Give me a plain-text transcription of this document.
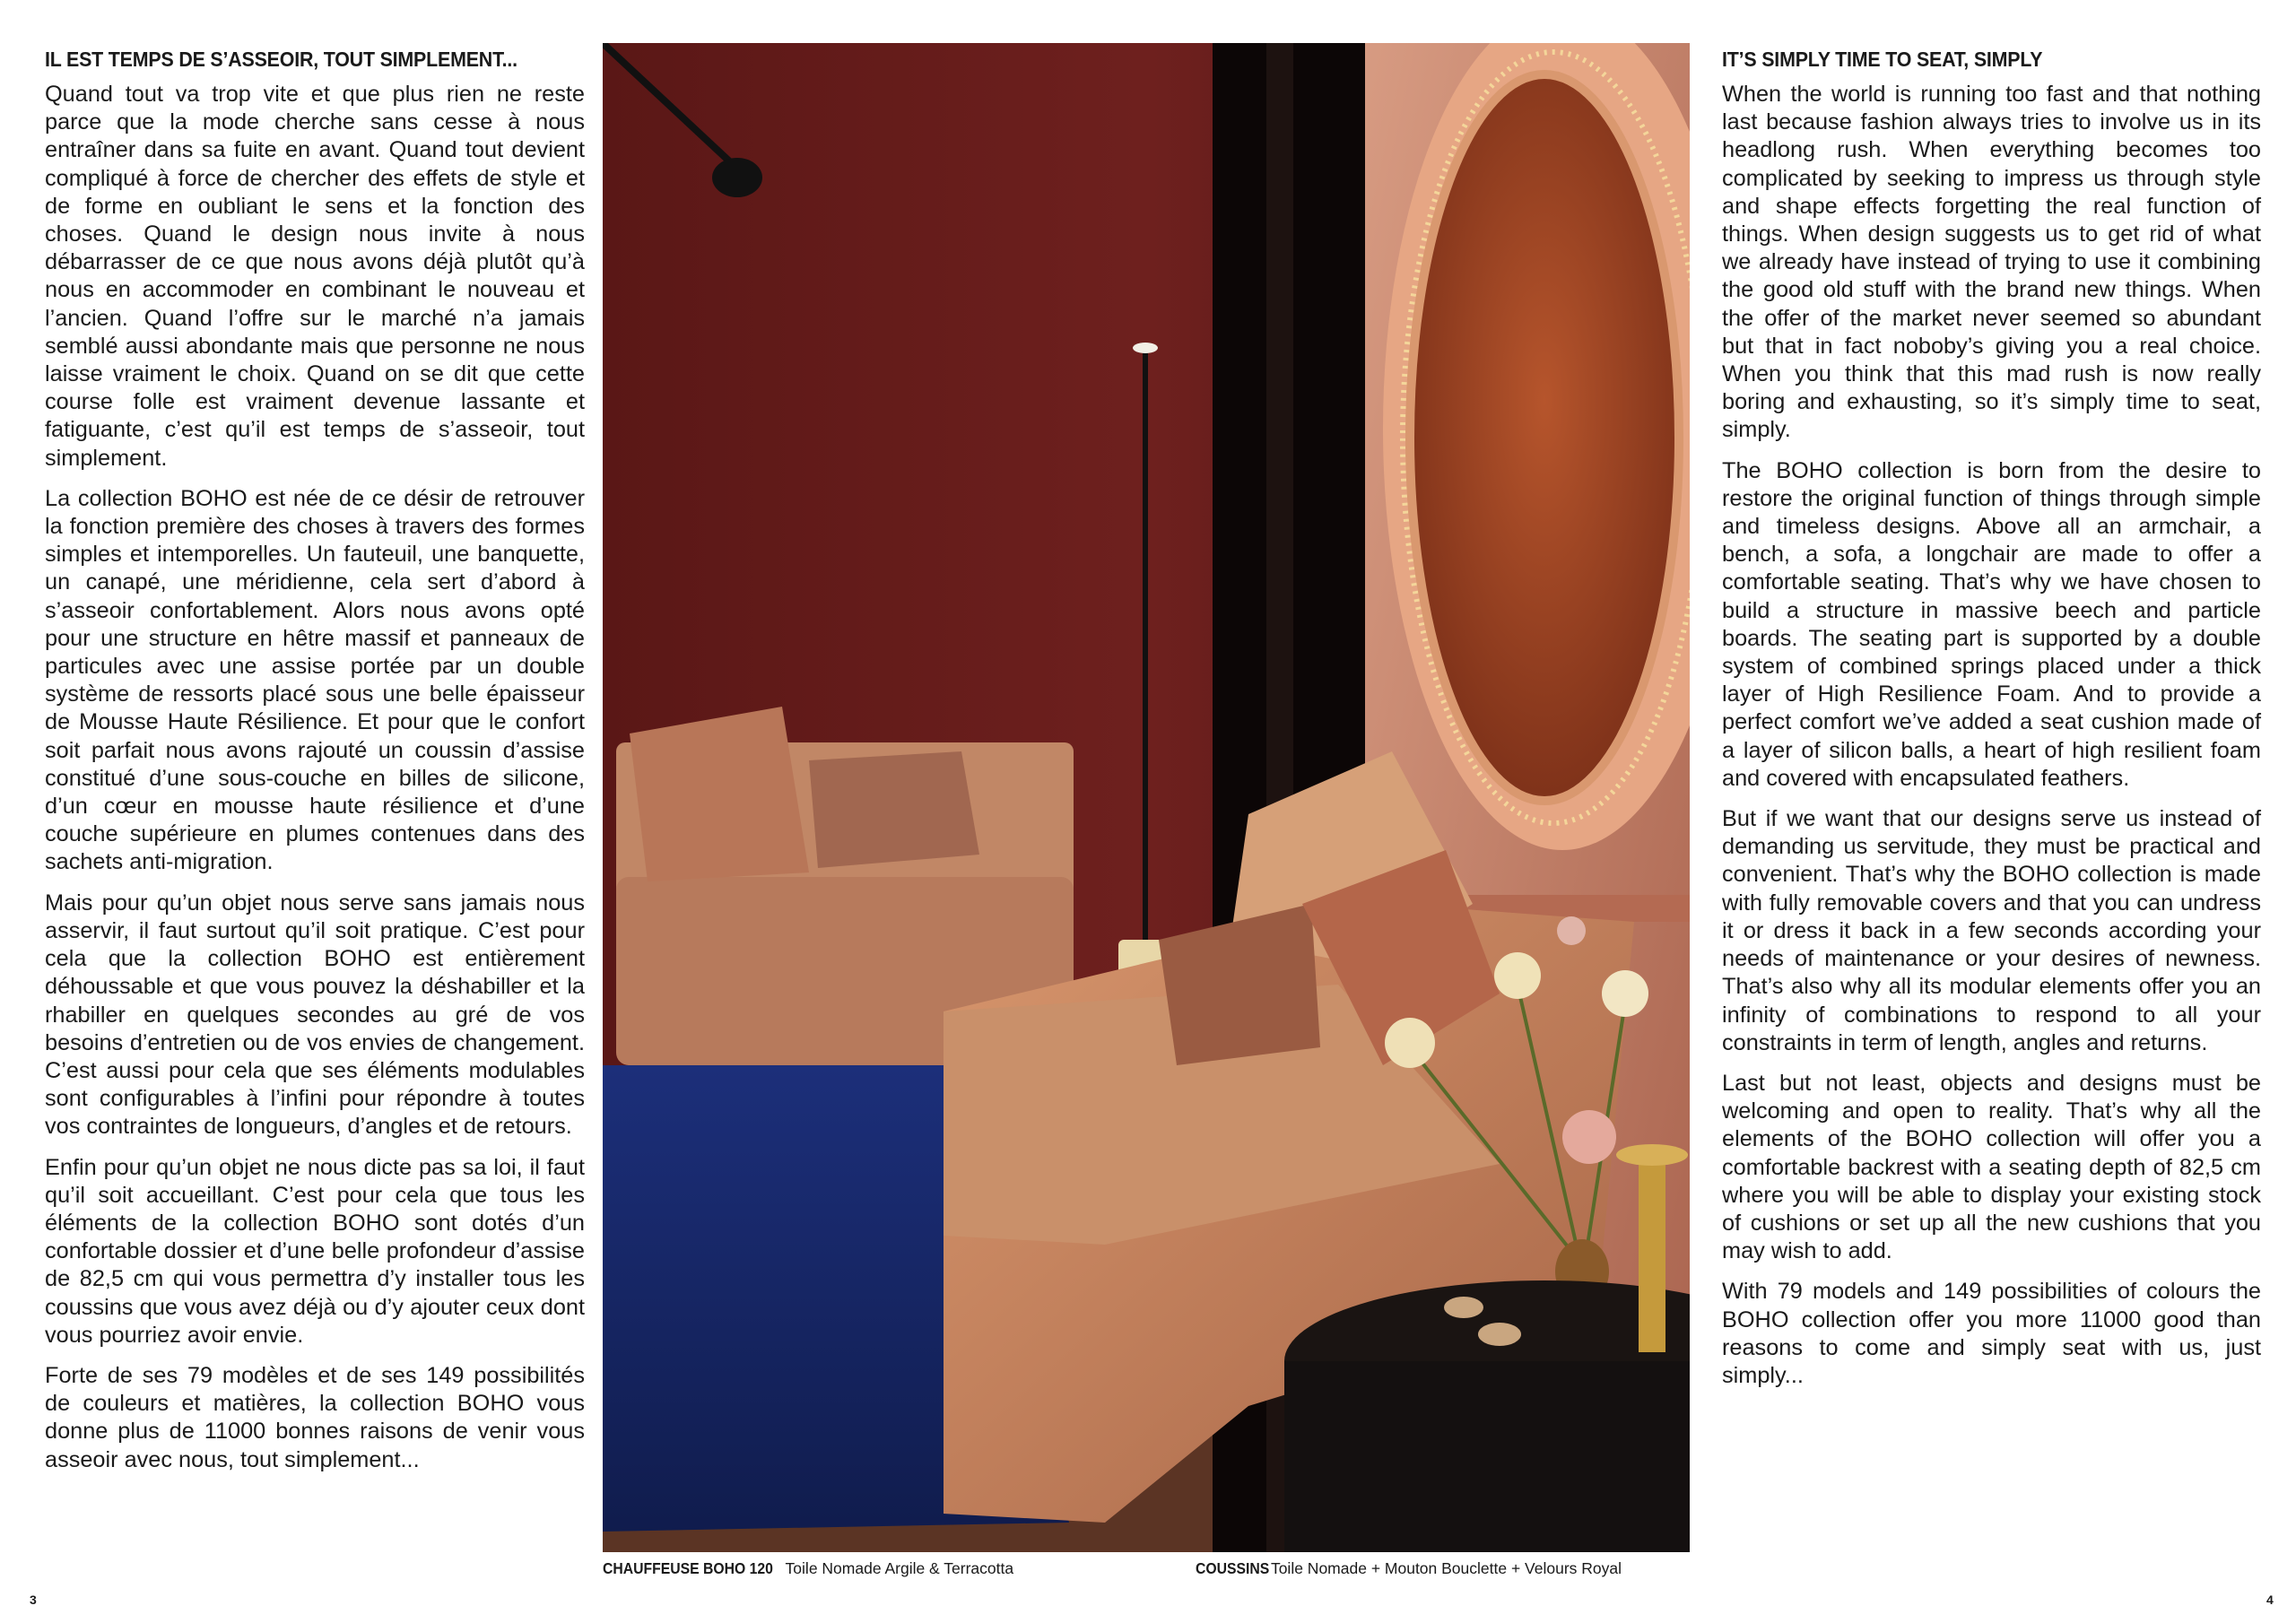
IL EST TEMPS DE S’ASSEOIR, TOUT SIMPLEMENT...

Quand tout va trop vite et que plus rien ne reste parce que la mode cherche sans cesse à nous entraîner dans sa fuite en avant. Quand tout devient compliqué à force de chercher des effets de style et de forme en oubliant le sens et la fonction des choses. Quand le design nous invite à nous débarrasser de ce que nous avons déjà plutôt qu’à nous en accommoder en combinant le nouveau et l’ancien. Quand l’offre sur le marché n’a jamais semblé aussi abondante mais que personne ne nous laisse vraiment le choix. Quand on se dit que cette course folle est vraiment devenue lassante et fatiguante, c’est qu’il est temps de s’asseoir, tout simplement.

La collection BOHO est née de ce désir de retrouver la fonction première des choses à travers des formes simples et intemporelles. Un fauteuil, une banquette, un canapé, une méridienne, cela sert d’abord à s’asseoir confortablement. Alors nous avons opté pour une structure en hêtre massif et panneaux de particules avec une assise portée par un double système de ressorts placé sous une belle épaisseur de Mousse Haute Résilience. Et pour que le confort soit parfait nous avons rajouté un coussin d’assise constitué d’une sous-couche en billes de silicone, d’un cœur en mousse haute résilience et d’une couche supérieure en plumes contenues dans des sachets anti-migration.

Mais pour qu’un objet nous serve sans jamais nous asservir, il faut surtout qu’il soit pratique. C’est pour cela que la collection BOHO est entièrement déhoussable et que vous pouvez la déshabiller et la rhabiller en quelques secondes au gré de vos besoins d’entretien ou de vos envies de changement. C’est aussi pour cela que ses éléments modulables sont configurables à l’infini pour répondre à toutes vos contraintes de longueurs, d’angles et de retours.

Enfin pour qu’un objet ne nous dicte pas sa loi, il faut qu’il soit accueillant. C’est pour cela que tous les éléments de la collection BOHO sont dotés d’un confortable dossier et d’une belle profondeur d’assise de 82,5 cm qui vous permettra d’y installer tous les coussins que vous avez déjà ou d’y ajouter ceux dont vous pourriez avoir envie.

Forte de ses 79 modèles et de ses 149 possibilités de couleurs et matières, la collection BOHO vous donne plus de 11000 bonnes raisons de venir vous asseoir avec nous, tout simplement...

IT’S SIMPLY TIME TO SEAT, SIMPLY

When the world is running too fast and that nothing last because fashion always tries to involve us in its headlong rush. When everything becomes too complicated by seeking to impress us through style and shape effects forgetting the real function of things. When design suggests us to get rid of what we already have instead of trying to use it combining the good old stuff with the brand new things. When the offer of the market never seemed so abundant but that in fact noboby’s giving you a real choice. When you think that this mad rush is now really boring and exhausting, so it’s simply time to seat, simply.

The BOHO collection is born from the desire to restore the original function of things through simple and timeless designs. Above all an armchair, a bench, a sofa, a longchair are made to offer a comfortable seating. That’s why we have chosen to build a structure in massive beech and particle boards. The seating part is supported by a double system of combined springs placed under a thick layer of High Resilience Foam. And to provide a perfect comfort we’ve added a seat cushion made of a layer of silicon balls, a heart of high resilient foam and covered with encapsulated feathers.

But if we want that our designs serve us instead of demanding us servitude, they must be practical and convenient. That’s why the BOHO collection is made with fully removable covers and that you can undress it or dress it back in a few seconds according your needs of maintenance or your desires of newness. That’s also why all its modular elements offer you an infinity of combinations to respond to all your constraints in term of length, angles and returns.

Last but not least, objects and designs must be welcoming and open to reality. That’s why all the elements of the BOHO collection will offer you a comfortable backrest with a seating depth of 82,5 cm where you will be able to display your existing stock of cushions or set up all the new cushions that you may wish to add.

With 79 models and 149 possibilities of colours the BOHO collection offer you more 11000 good than reasons to come and simply seat with us, just simply...

CHAUFFEUSE BOHO 120 Toile Nomade Argile & Terracotta	COUSSINS Toile Nomade + Mouton Bouclette + Velours Royal
3	4
